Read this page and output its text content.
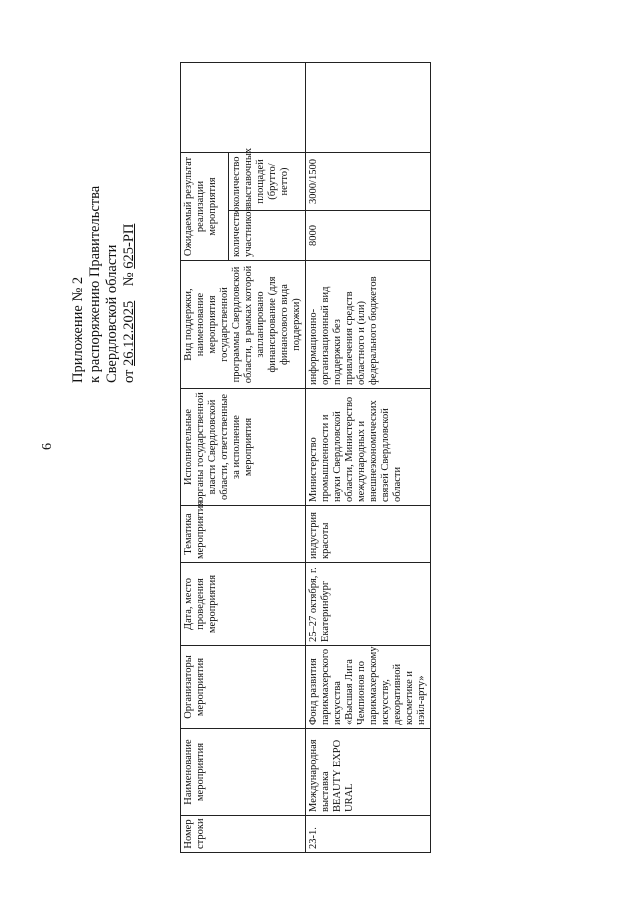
6
Приложение № 2 к распоряжению Правительства Свердловской области от 26.12.2025    № 625-РП
Номер строки	Наименование мероприятия	Организаторы мероприятия	Дата, место проведения мероприятия	Тематика мероприятия	Исполнительные органы государственной власти Свердловской области, ответственные за исполнение мероприятия	Вид поддержки, наименование мероприятия государственной программы Свердловской области, в рамках которой запланировано финансирование (для финансового вида поддержки)	Ожидаемый результат реализации мероприятия		
							количество участников	количество выставочных площадей (брутто/нетто)	
23-1.	Международная выставка BEAUTY EXPO URAL	Фонд развития парикмахерского искусства «Высшая Лига Чемпионов по парикмахерскому искусству, декоративной косметике и нэйл-арту»	25–27 октября, г. Екатеринбург	индустрия красоты	Министерство промышленности и науки Свердловской области, Министерство международных и внешнеэкономических связей Свердловской области	информационно-организационный вид поддержки без привлечения средств областного и (или) федерального бюджетов	8000	3000/1500	
